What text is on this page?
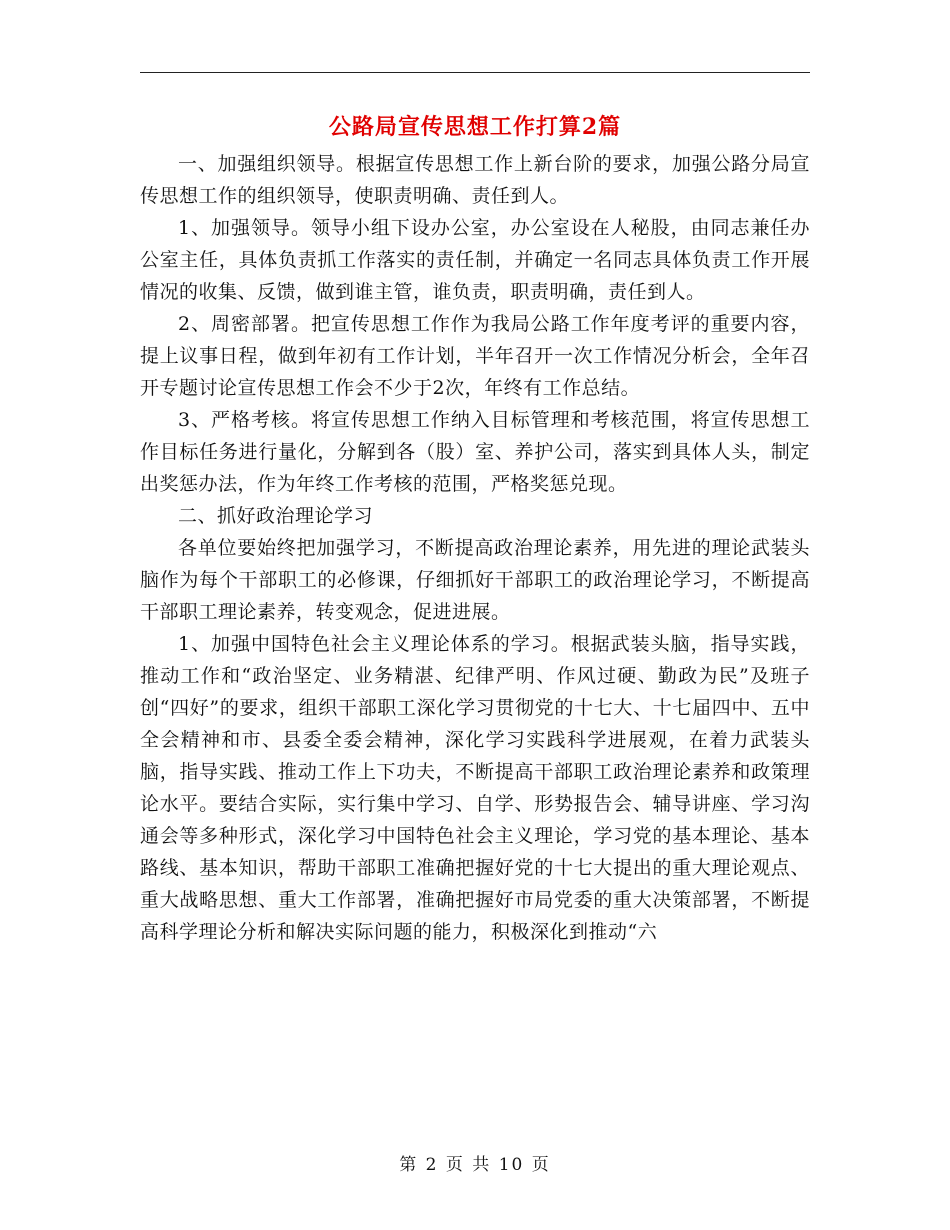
公路局宣传思想工作打算2篇

一、加强组织领导。根据宣传思想工作上新台阶的要求，加强公路分局宣传思想工作的组织领导，使职责明确、责任到人。

1、加强领导。领导小组下设办公室，办公室设在人秘股，由同志兼任办公室主任，具体负责抓工作落实的责任制，并确定一名同志具体负责工作开展情况的收集、反馈，做到谁主管，谁负责，职责明确，责任到人。

2、周密部署。把宣传思想工作作为我局公路工作年度考评的重要内容，提上议事日程，做到年初有工作计划，半年召开一次工作情况分析会，全年召开专题讨论宣传思想工作会不少于2次，年终有工作总结。

3、严格考核。将宣传思想工作纳入目标管理和考核范围，将宣传思想工作目标任务进行量化，分解到各（股）室、养护公司，落实到具体人头，制定出奖惩办法，作为年终工作考核的范围，严格奖惩兑现。

二、抓好政治理论学习

各单位要始终把加强学习，不断提高政治理论素养，用先进的理论武装头脑作为每个干部职工的必修课，仔细抓好干部职工的政治理论学习，不断提高干部职工理论素养，转变观念，促进进展。

1、加强中国特色社会主义理论体系的学习。根据武装头脑，指导实践，推动工作和“政治坚定、业务精湛、纪律严明、作风过硬、勤政为民”及班子创“四好”的要求，组织干部职工深化学习贯彻党的十七大、十七届四中、五中全会精神和市、县委全委会精神，深化学习实践科学进展观，在着力武装头脑，指导实践、推动工作上下功夫，不断提高干部职工政治理论素养和政策理论水平。要结合实际，实行集中学习、自学、形势报告会、辅导讲座、学习沟通会等多种形式，深化学习中国特色社会主义理论，学习党的基本理论、基本路线、基本知识，帮助干部职工准确把握好党的十七大提出的重大理论观点、重大战略思想、重大工作部署，准确把握好市局党委的重大决策部署，不断提高科学理论分析和解决实际问题的能力，积极深化到推动“六

第 2 页 共 10 页
